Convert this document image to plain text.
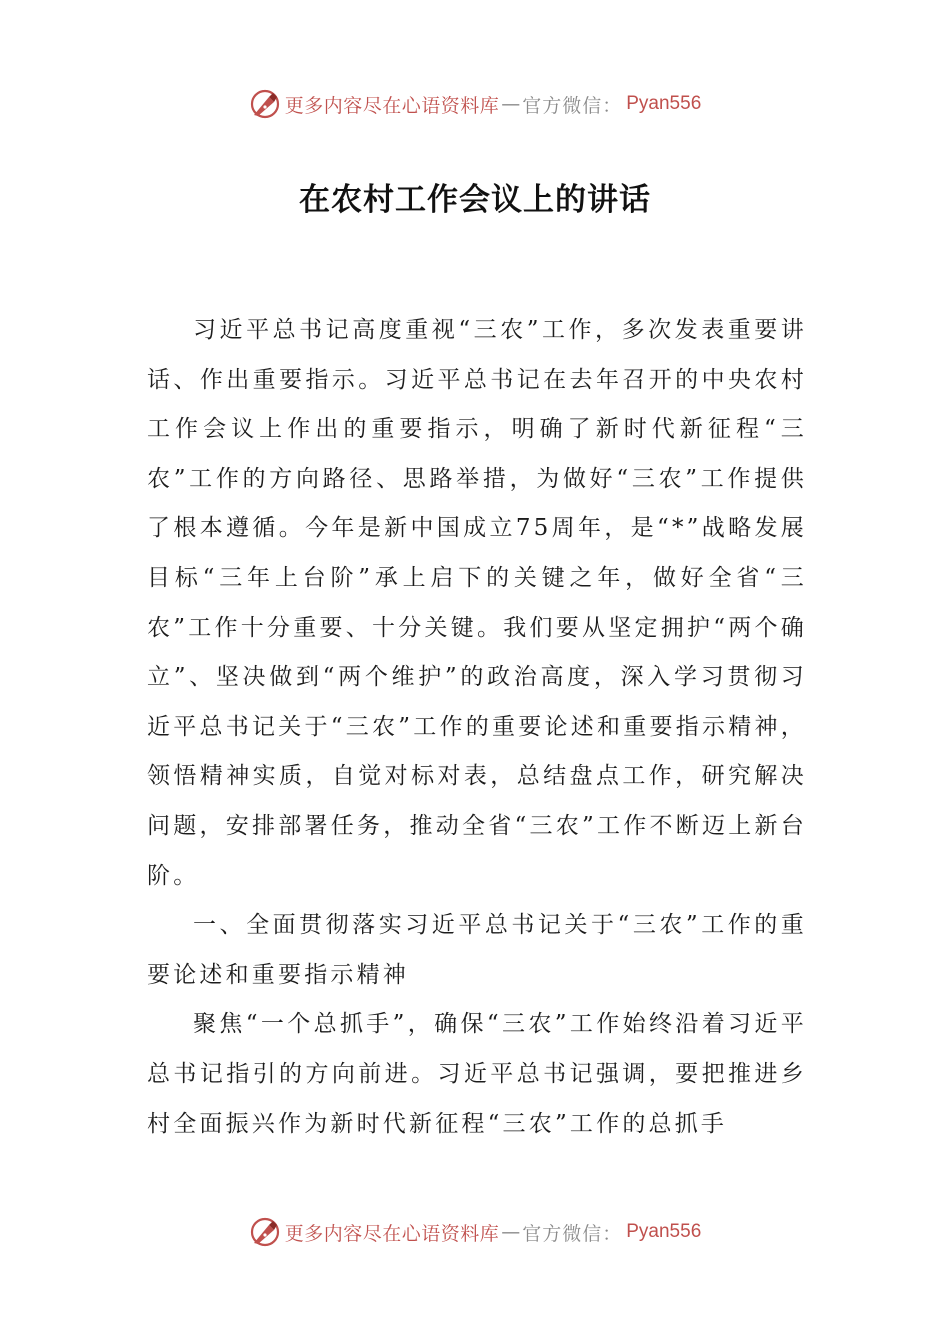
更多内容尽在心语资料库 — 官方微信： Pyan556
在农村工作会议上的讲话

习近平总书记高度重视“三农”工作，多次发表重要讲话、作出重要指示。习近平总书记在去年召开的中央农村工作会议上作出的重要指示，明确了新时代新征程“三农”工作的方向路径、思路举措，为做好“三农”工作提供了根本遵循。今年是新中国成立75周年，是“*”战略发展目标“三年上台阶”承上启下的关键之年，做好全省“三农”工作十分重要、十分关键。我们要从坚定拥护“两个确立”、坚决做到“两个维护”的政治高度，深入学习贯彻习近平总书记关于“三农”工作的重要论述和重要指示精神，领悟精神实质，自觉对标对表，总结盘点工作，研究解决问题，安排部署任务，推动全省“三农”工作不断迈上新台阶。

一、全面贯彻落实习近平总书记关于“三农”工作的重要论述和重要指示精神

聚焦“一个总抓手”，确保“三农”工作始终沿着习近平总书记指引的方向前进。习近平总书记强调，要把推进乡村全面振兴作为新时代新征程“三农”工作的总抓手

更多内容尽在心语资料库 — 官方微信： Pyan556
